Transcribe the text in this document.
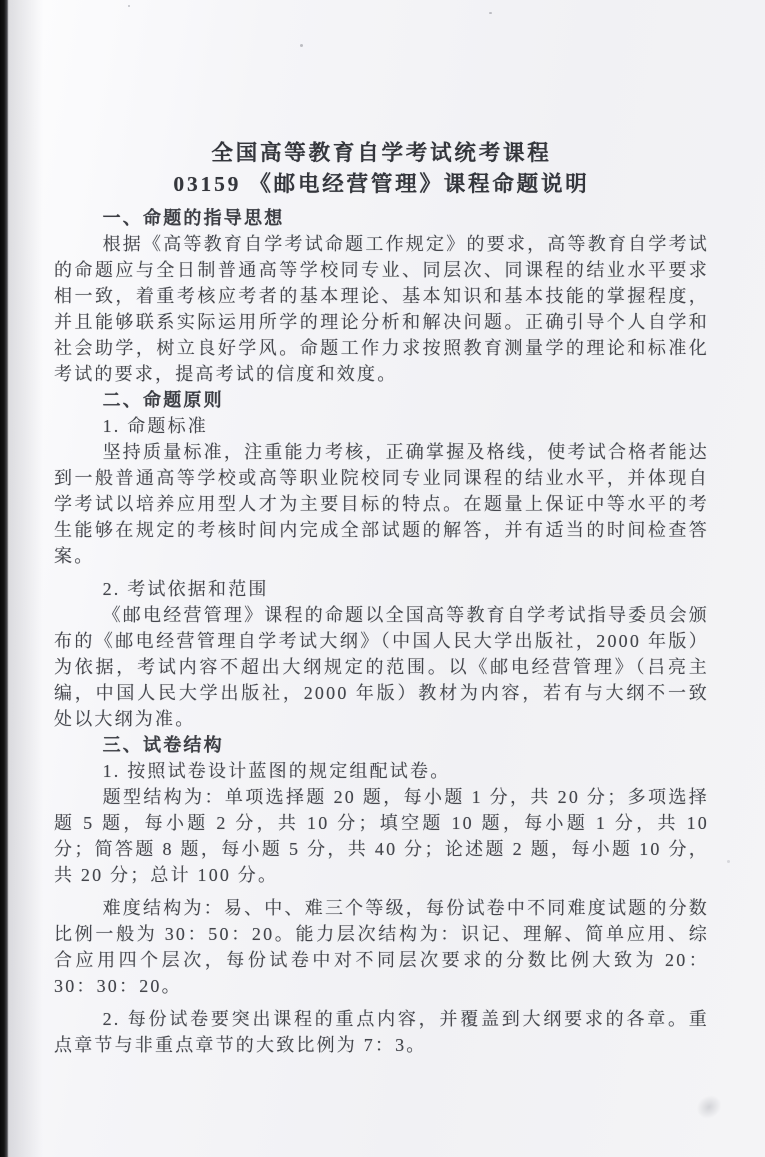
全国高等教育自学考试统考课程
03159 《邮电经营管理》课程命题说明
一、命题的指导思想
根据《高等教育自学考试命题工作规定》的要求，高等教育自学考试的命题应与全日制普通高等学校同专业、同层次、同课程的结业水平要求相一致，着重考核应考者的基本理论、基本知识和基本技能的掌握程度，并且能够联系实际运用所学的理论分析和解决问题。正确引导个人自学和社会助学，树立良好学风。命题工作力求按照教育测量学的理论和标准化考试的要求，提高考试的信度和效度。
二、命题原则
1. 命题标准
坚持质量标准，注重能力考核，正确掌握及格线，使考试合格者能达到一般普通高等学校或高等职业院校同专业同课程的结业水平，并体现自学考试以培养应用型人才为主要目标的特点。在题量上保证中等水平的考生能够在规定的考核时间内完成全部试题的解答，并有适当的时间检查答案。
2. 考试依据和范围
《邮电经营管理》课程的命题以全国高等教育自学考试指导委员会颁布的《邮电经营管理自学考试大纲》（中国人民大学出版社，2000 年版）为依据，考试内容不超出大纲规定的范围。以《邮电经营管理》（吕亮主编，中国人民大学出版社，2000 年版）教材为内容，若有与大纲不一致处以大纲为准。
三、试卷结构
1. 按照试卷设计蓝图的规定组配试卷。
题型结构为：单项选择题 20 题，每小题 1 分，共 20 分；多项选择题 5 题，每小题 2 分，共 10 分；填空题 10 题，每小题 1 分，共 10 分；简答题 8 题，每小题 5 分，共 40 分；论述题 2 题，每小题 10 分，共 20 分；总计 100 分。
难度结构为：易、中、难三个等级，每份试卷中不同难度试题的分数比例一般为 30：50：20。能力层次结构为：识记、理解、简单应用、综合应用四个层次，每份试卷中对不同层次要求的分数比例大致为 20：30：30：20。
2. 每份试卷要突出课程的重点内容，并覆盖到大纲要求的各章。重点章节与非重点章节的大致比例为 7：3。
